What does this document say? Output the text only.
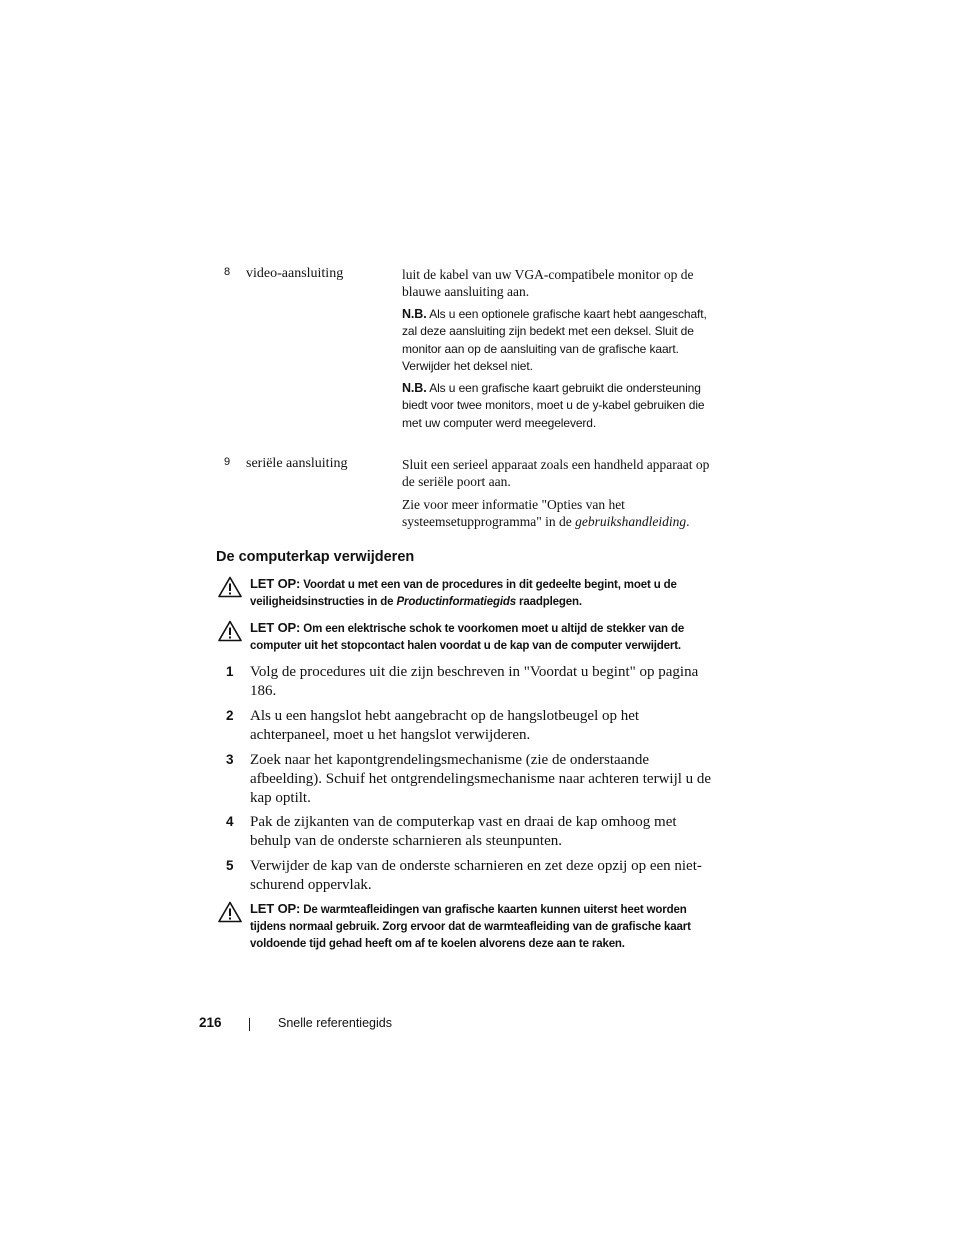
8 video-aansluiting	luit de kabel van uw VGA-compatibele monitor op de blauwe aansluiting aan.

N.B. Als u een optionele grafische kaart hebt aangeschaft, zal deze aansluiting zijn bedekt met een deksel. Sluit de monitor aan op de aansluiting van de grafische kaart. Verwijder het deksel niet.

N.B. Als u een grafische kaart gebruikt die ondersteuning biedt voor twee monitors, moet u de y-kabel gebruiken die met uw computer werd meegeleverd.

9 seriële aansluiting	Sluit een serieel apparaat zoals een handheld apparaat op de seriële poort aan.

Zie voor meer informatie "Opties van het systeemsetupprogramma" in de gebruikshandleiding.

De computerkap verwijderen
LET OP: Voordat u met een van de procedures in dit gedeelte begint, moet u de veiligheidsinstructies in de Productinformatiegids raadplegen.
LET OP: Om een elektrische schok te voorkomen moet u altijd de stekker van de computer uit het stopcontact halen voordat u de kap van de computer verwijdert.
1 Volg de procedures uit die zijn beschreven in "Voordat u begint" op pagina 186.
2 Als u een hangslot hebt aangebracht op de hangslotbeugel op het achterpaneel, moet u het hangslot verwijderen.
3 Zoek naar het kapontgrendelingsmechanisme (zie de onderstaande afbeelding). Schuif het ontgrendelingsmechanisme naar achteren terwijl u de kap optilt.
4 Pak de zijkanten van de computerkap vast en draai de kap omhoog met behulp van de onderste scharnieren als steunpunten.
5 Verwijder de kap van de onderste scharnieren en zet deze opzij op een niet-schurend oppervlak.
LET OP: De warmteafleidingen van grafische kaarten kunnen uiterst heet worden tijdens normaal gebruik. Zorg ervoor dat de warmteafleiding van de grafische kaart voldoende tijd gehad heeft om af te koelen alvorens deze aan te raken.
216	Snelle referentiegids
